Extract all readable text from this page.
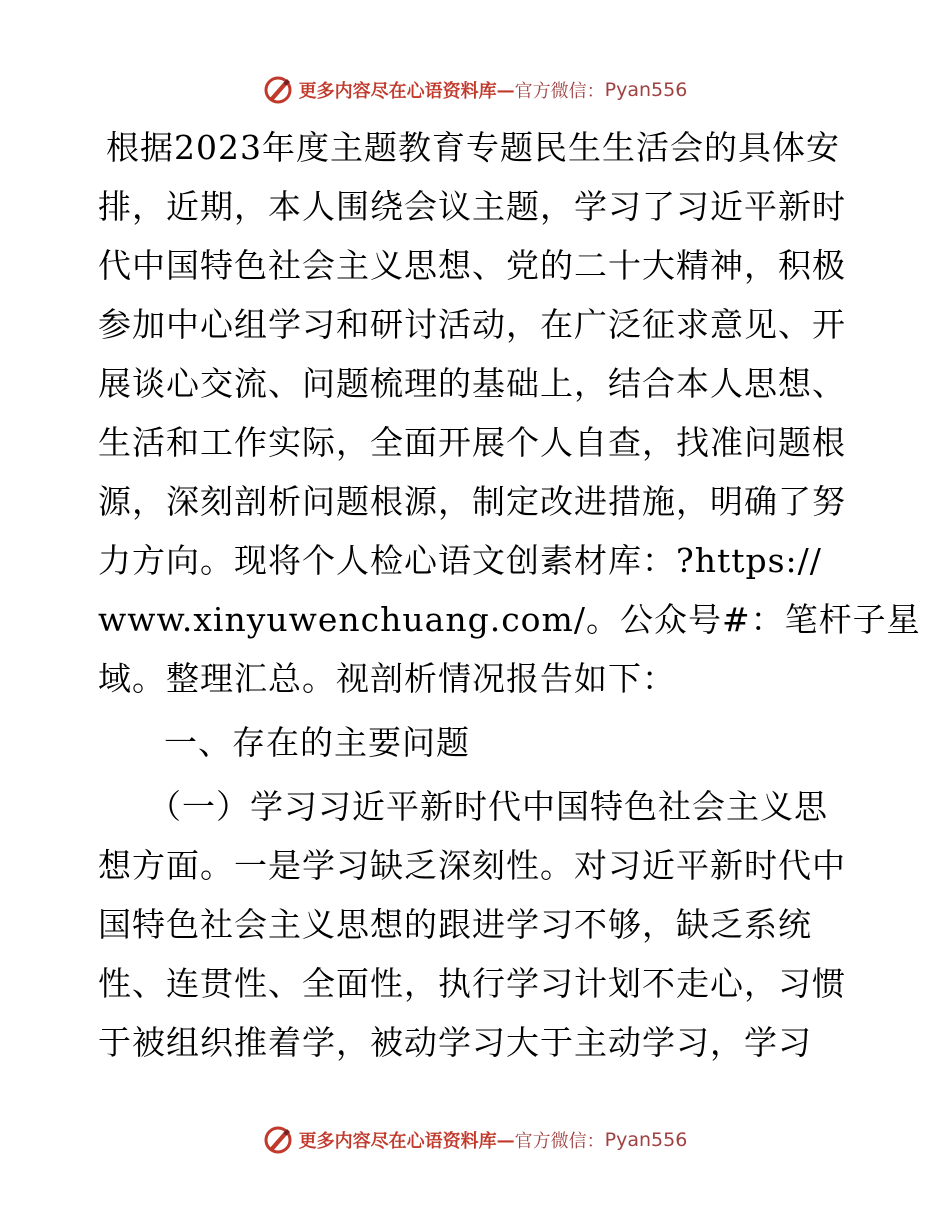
更多内容尽在心语资料库 — 官方微信： Pyan556
根据2023年度主题教育专题民生生活会的具体安
排，近期，本人围绕会议主题，学习了习近平新时
代中国特色社会主义思想、党的二十大精神，积极
参加中心组学习和研讨活动，在广泛征求意见、开
展谈心交流、问题梳理的基础上，结合本人思想、
生活和工作实际，全面开展个人自查，找准问题根
源，深刻剖析问题根源，制定改进措施，明确了努
力方向。现将个人检心语文创素材库：?https://
www.xinyuwenchuang.com/。公众号#：笔杆子星
域。整理汇总。视剖析情况报告如下：
一、存在的主要问题
（一）学习习近平新时代中国特色社会主义思
想方面。一是学习缺乏深刻性。对习近平新时代中
国特色社会主义思想的跟进学习不够，缺乏系统
性、连贯性、全面性，执行学习计划不走心，习惯
于被组织推着学，被动学习大于主动学习，学习
更多内容尽在心语资料库 — 官方微信： Pyan556
